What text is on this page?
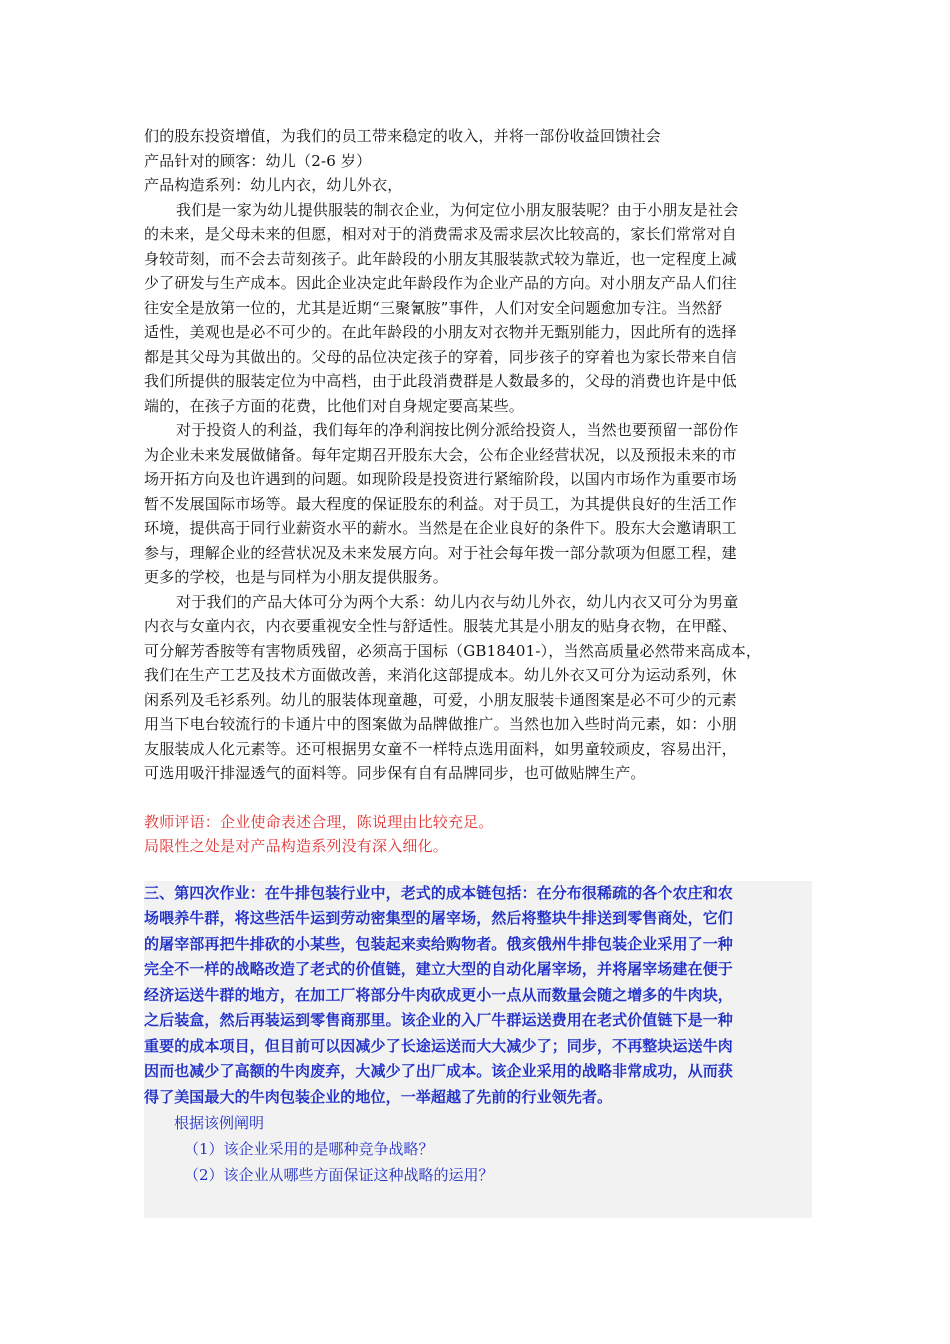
们的股东投资增值，为我们的员工带来稳定的收入，并将一部份收益回馈社会
产品针对的顾客：幼儿（2-6 岁）
产品构造系列：幼儿内衣，幼儿外衣，
我们是一家为幼儿提供服装的制衣企业，为何定位小朋友服装呢？由于小朋友是社会
的未来，是父母未来的但愿，相对对于的消费需求及需求层次比较高的，家长们常常对自
身较苛刻，而不会去苛刻孩子。此年龄段的小朋友其服装款式较为靠近，也一定程度上减
少了研发与生产成本。因此企业决定此年龄段作为企业产品的方向。对小朋友产品人们往
往安全是放第一位的，尤其是近期“三聚氰胺”事件，人们对安全问题愈加专注。当然舒
适性，美观也是必不可少的。在此年龄段的小朋友对衣物并无甄别能力，因此所有的选择
都是其父母为其做出的。父母的品位决定孩子的穿着，同步孩子的穿着也为家长带来自信
我们所提供的服装定位为中高档，由于此段消费群是人数最多的，父母的消费也许是中低
端的，在孩子方面的花费，比他们对自身规定要高某些。
对于投资人的利益，我们每年的净利润按比例分派给投资人，当然也要预留一部份作
为企业未来发展做储备。每年定期召开股东大会，公布企业经营状况，以及预报未来的市
场开拓方向及也许遇到的问题。如现阶段是投资进行紧缩阶段，以国内市场作为重要市场
暂不发展国际市场等。最大程度的保证股东的利益。对于员工，为其提供良好的生活工作
环境，提供高于同行业薪资水平的薪水。当然是在企业良好的条件下。股东大会邀请职工
参与，理解企业的经营状况及未来发展方向。对于社会每年拨一部分款项为但愿工程，建
更多的学校，也是与同样为小朋友提供服务。
对于我们的产品大体可分为两个大系：幼儿内衣与幼儿外衣，幼儿内衣又可分为男童
内衣与女童内衣，内衣要重视安全性与舒适性。服装尤其是小朋友的贴身衣物，在甲醛、
可分解芳香胺等有害物质残留，必须高于国标（GB18401-），当然高质量必然带来高成本，
我们在生产工艺及技术方面做改善，来消化这部提成本。幼儿外衣又可分为运动系列，休
闲系列及毛衫系列。幼儿的服装体现童趣，可爱，小朋友服装卡通图案是必不可少的元素
用当下电台较流行的卡通片中的图案做为品牌做推广。当然也加入些时尚元素，如：小朋
友服装成人化元素等。还可根据男女童不一样特点选用面料，如男童较顽皮，容易出汗，
可选用吸汗排湿透气的面料等。同步保有自有品牌同步，也可做贴牌生产。
教师评语：企业使命表述合理，陈说理由比较充足。
局限性之处是对产品构造系列没有深入细化。
三、第四次作业：在牛排包装行业中，老式的成本链包括：在分布很稀疏的各个农庄和农
场喂养牛群，将这些活牛运到劳动密集型的屠宰场，然后将整块牛排送到零售商处，它们
的屠宰部再把牛排砍的小某些，包装起来卖给购物者。俄亥俄州牛排包装企业采用了一种
完全不一样的战略改造了老式的价值链，建立大型的自动化屠宰场，并将屠宰场建在便于
经济运送牛群的地方，在加工厂将部分牛肉砍成更小一点从而数量会随之增多的牛肉块，
之后装盒，然后再装运到零售商那里。该企业的入厂牛群运送费用在老式价值链下是一种
重要的成本项目，但目前可以因减少了长途运送而大大减少了；同步，不再整块运送牛肉
因而也减少了高额的牛肉废弃，大减少了出厂成本。该企业采用的战略非常成功，从而获
得了美国最大的牛肉包装企业的地位，一举超越了先前的行业领先者。
根据该例阐明
（1）该企业采用的是哪种竞争战略？
（2）该企业从哪些方面保证这种战略的运用？
